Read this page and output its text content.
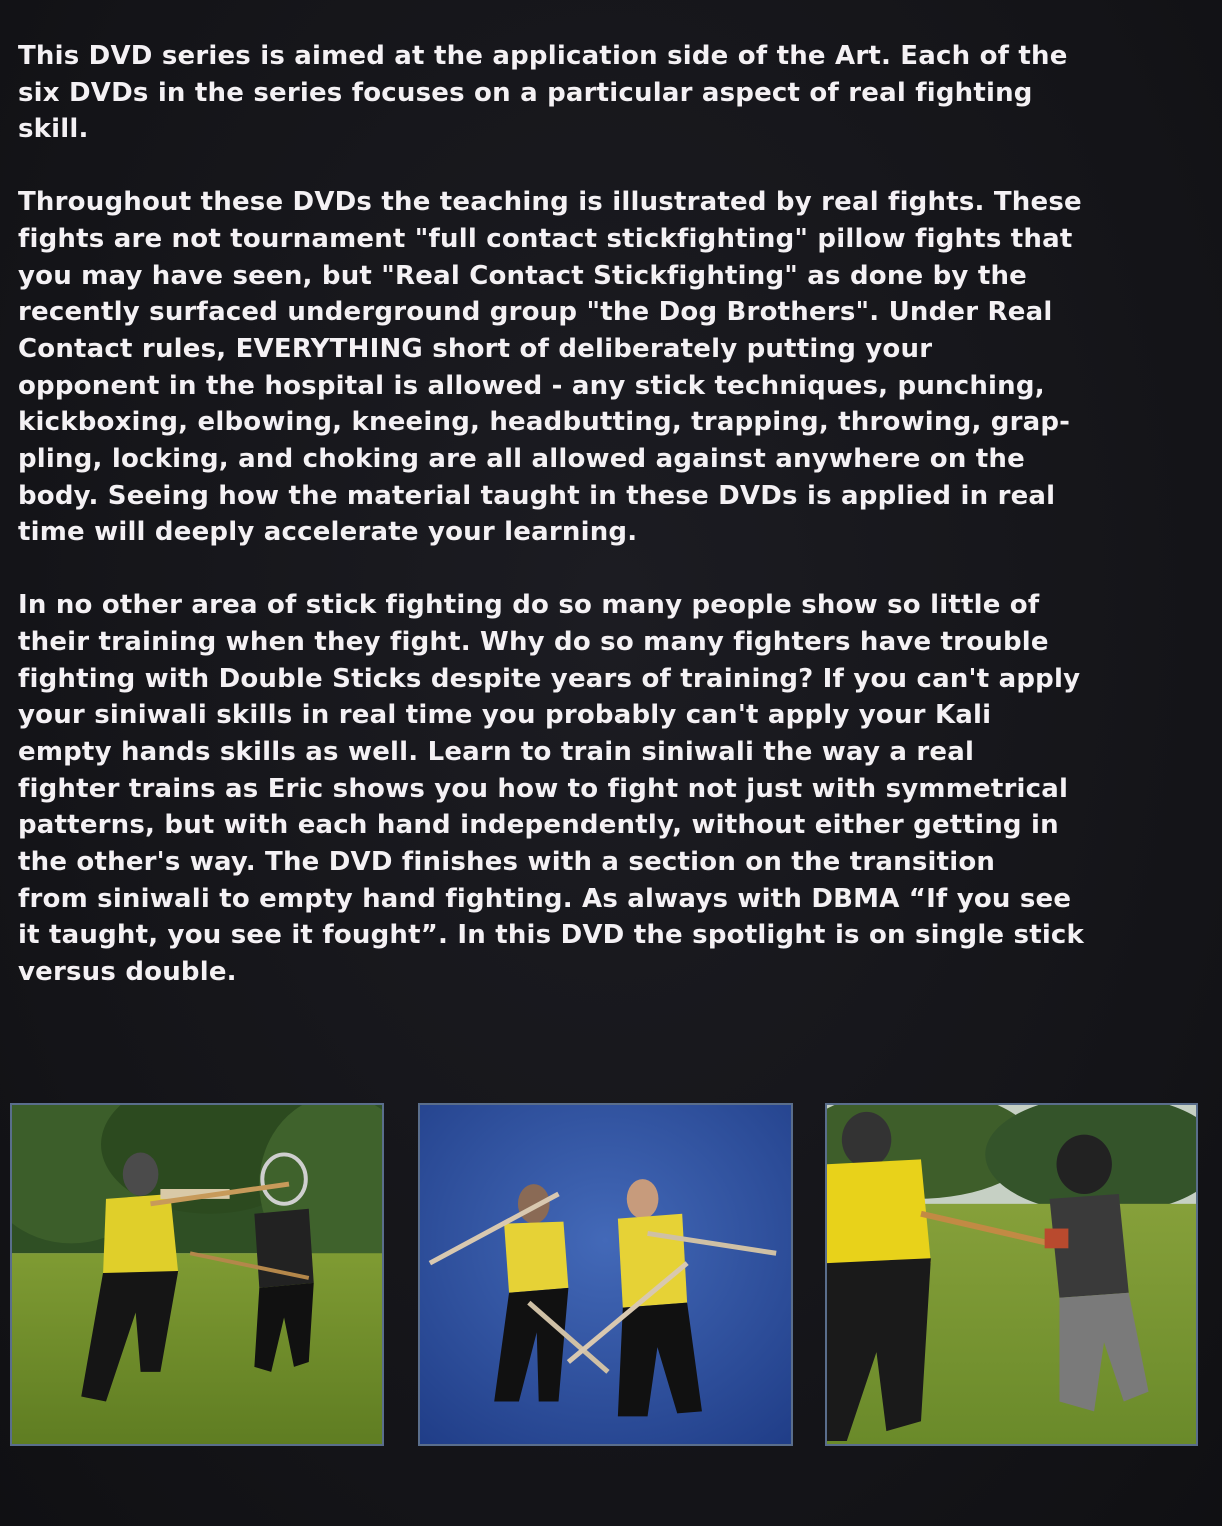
This DVD series is aimed at the application side of the Art. Each of the
six DVDs in the series focuses on a particular aspect of real fighting
skill.
Throughout these DVDs the teaching is illustrated by real fights. These
fights are not tournament "full contact stickfighting" pillow fights that
you may have seen, but "Real Contact Stickfighting" as done by the
recently surfaced underground group "the Dog Brothers". Under Real
Contact rules, EVERYTHING short of deliberately putting your
opponent in the hospital is allowed - any stick techniques, punching,
kickboxing, elbowing, kneeing, headbutting, trapping, throwing, grap-
pling, locking, and choking are all allowed against anywhere on the
body. Seeing how the material taught in these DVDs is applied in real
time will deeply accelerate your learning.
In no other area of stick fighting do so many people show so little of
their training when they fight. Why do so many fighters have trouble
fighting with Double Sticks despite years of training? If you can't apply
your siniwali skills in real time you probably can't apply your Kali
empty hands skills as well. Learn to train siniwali the way a real
fighter trains as Eric shows you how to fight not just with symmetrical
patterns, but with each hand independently, without either getting in
the other's way. The DVD finishes with a section on the transition
from siniwali to empty hand fighting. As always with DBMA “If you see
it taught, you see it fought”. In this DVD the spotlight is on single stick
versus double.
